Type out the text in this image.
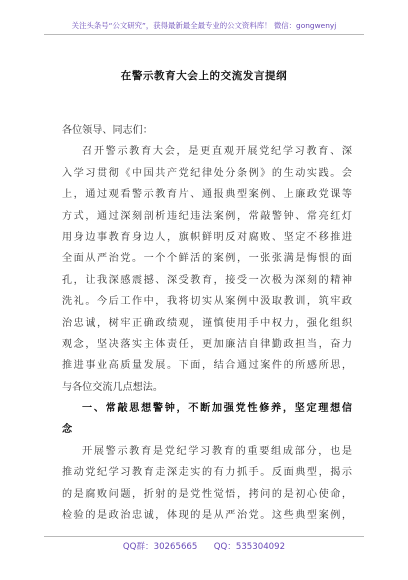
关注头条号“公文研究”，获得最新最全最专业的公文资料库！ 微信：gongwenyj
在警示教育大会上的交流发言提纲
各位领导、同志们：
召开警示教育大会，是更直观开展党纪学习教育、深
入学习贯彻《中国共产党纪律处分条例》的生动实践。会
上，通过观看警示教育片、通报典型案例、上廉政党课等
方式，通过深刻剖析违纪违法案例，常敲警钟、常亮红灯
用身边事教育身边人，旗帜鲜明反对腐败、坚定不移推进
全面从严治党。一个个鲜活的案例，一张张满是悔恨的面
孔，让我深感震撼、深受教育，接受一次极为深刻的精神
洗礼。今后工作中，我将切实从案例中汲取教训，筑牢政
治忠诚，树牢正确政绩观，谨慎使用手中权力，强化组织
观念，坚决落实主体责任，更加廉洁自律勤政担当，奋力
推进事业高质量发展。下面，结合通过案件的所感所思，
与各位交流几点想法。
一、常敲思想警钟，不断加强党性修养，坚定理想信
念
开展警示教育是党纪学习教育的重要组成部分，也是
推动党纪学习教育走深走实的有力抓手。反面典型，揭示
的是腐败问题，折射的是党性觉悟，拷问的是初心使命，
检验的是政治忠诚，体现的是从严治党。这些典型案例，
QQ群：30265665 QQ：535304092
